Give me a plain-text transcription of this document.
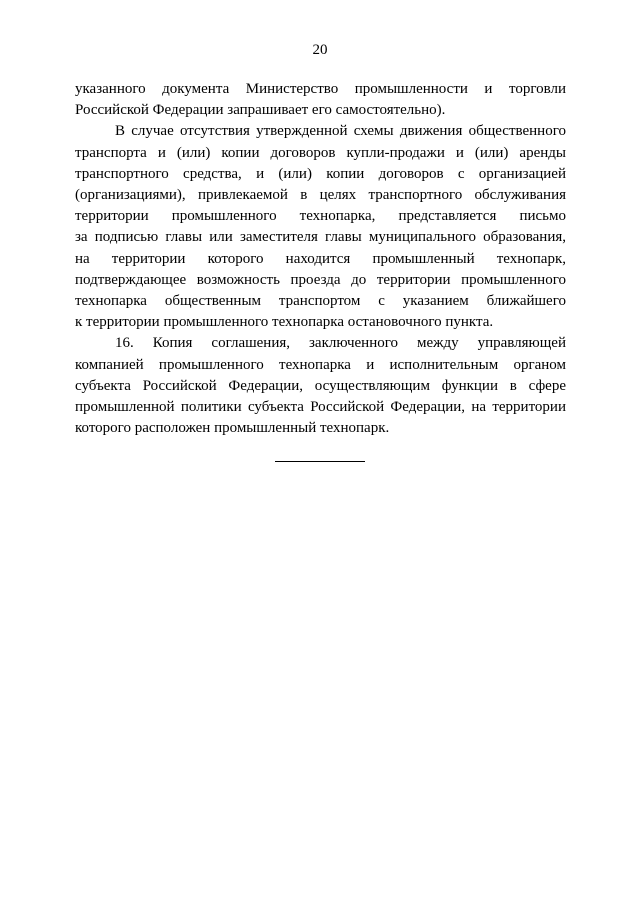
20

указанного документа Министерство промышленности и торговли
Российской Федерации запрашивает его самостоятельно).

В случае отсутствия утвержденной схемы движения общественного
транспорта и (или) копии договоров купли-продажи и (или) аренды
транспортного средства, и (или) копии договоров с организацией
(организациями), привлекаемой в целях транспортного обслуживания
территории промышленного технопарка, представляется письмо
за подписью главы или заместителя главы муниципального образования,
на территории которого находится промышленный технопарк,
подтверждающее возможность проезда до территории промышленного
технопарка общественным транспортом с указанием ближайшего
к территории промышленного технопарка остановочного пункта.

16. Копия соглашения, заключенного между управляющей
компанией промышленного технопарка и исполнительным органом
субъекта Российской Федерации, осуществляющим функции в сфере
промышленной политики субъекта Российской Федерации, на территории
которого расположен промышленный технопарк.
